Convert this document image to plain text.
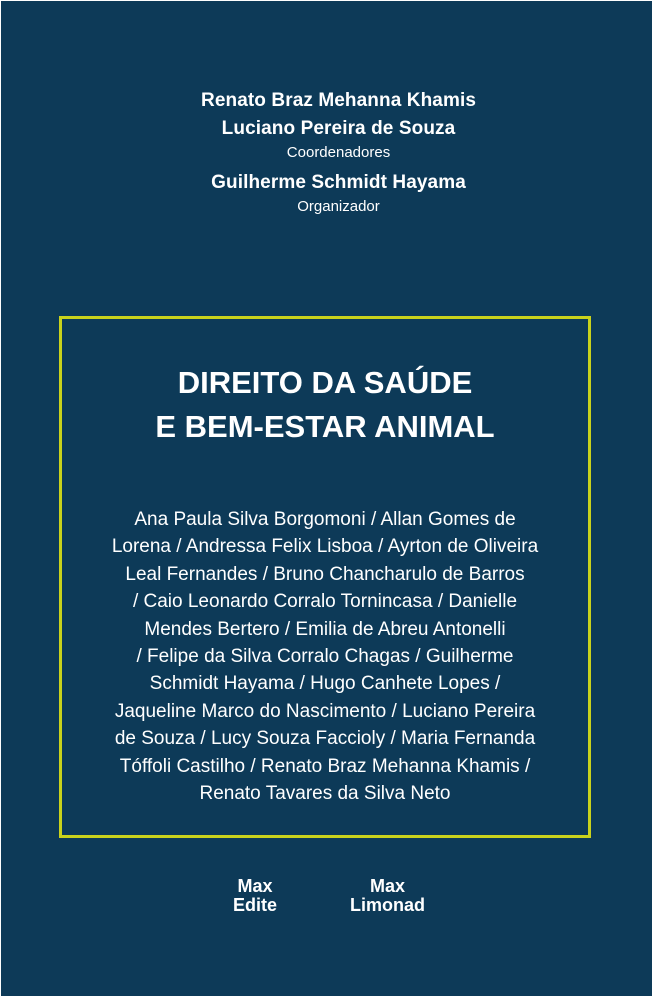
Renato Braz Mehanna Khamis
Luciano Pereira de Souza
Coordenadores
Guilherme Schmidt Hayama
Organizador
DIREITO DA SAÚDE
E BEM-ESTAR ANIMAL
Ana Paula Silva Borgomoni / Allan Gomes de
Lorena / Andressa Felix Lisboa / Ayrton de Oliveira
Leal Fernandes / Bruno Chancharulo de Barros
/ Caio Leonardo Corralo Tornincasa / Danielle
Mendes Bertero / Emilia de Abreu Antonelli
/ Felipe da Silva Corralo Chagas / Guilherme
Schmidt Hayama / Hugo Canhete Lopes /
Jaqueline Marco do Nascimento / Luciano Pereira
de Souza / Lucy Souza Faccioly / Maria Fernanda
Tóffoli Castilho / Renato Braz Mehanna Khamis /
Renato Tavares da Silva Neto
Max
Edite
Max
Limonad
